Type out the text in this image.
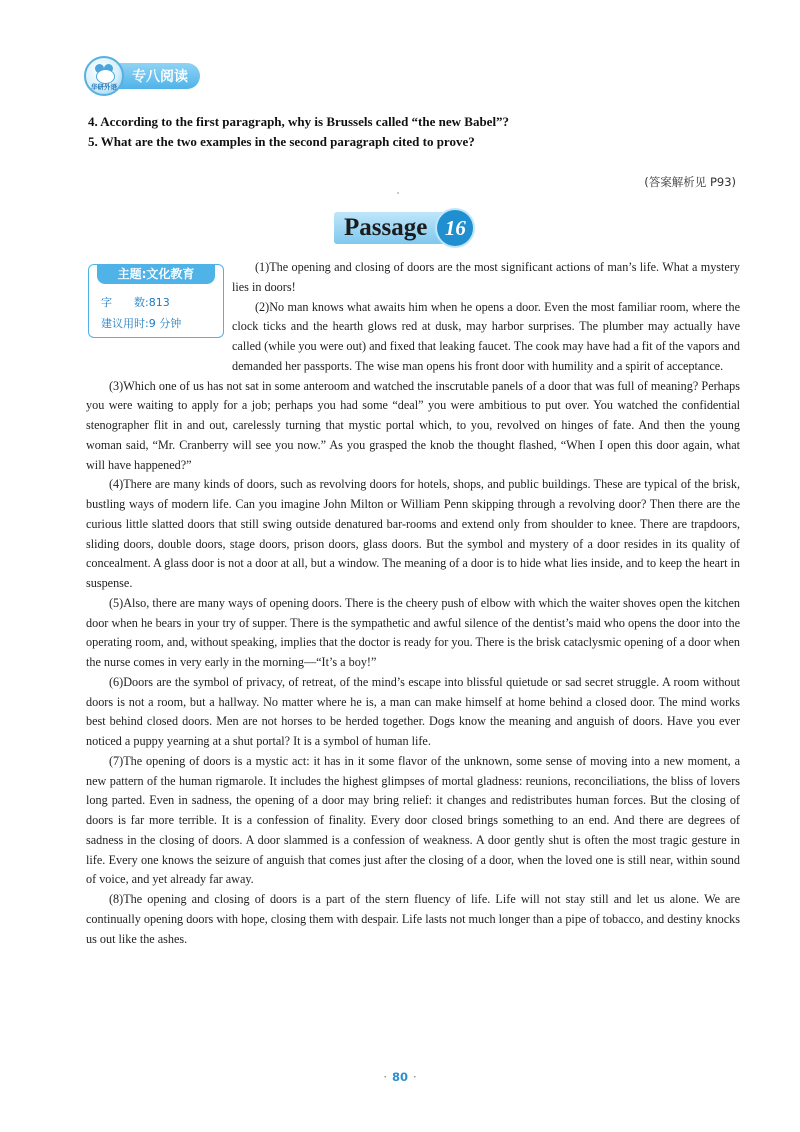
华研外语
专八阅读
4. According to the first paragraph, why is Brussels called “the new Babel”?
5. What are the two examples in the second paragraph cited to prove?
(答案解析见 P93)
Passage 16
主题:文化教育
字　　数:813
建议用时:9 分钟

(1)The opening and closing of doors are the most significant actions of man’s life. What a mystery lies in doors!

(2)No man knows what awaits him when he opens a door. Even the most familiar room, where the clock ticks and the hearth glows red at dusk, may harbor surprises. The plumber may actually have called (while you were out) and fixed that leaking faucet. The cook may have had a fit of the vapors and demanded her passports. The wise man opens his front door with humility and a spirit of acceptance.

(3)Which one of us has not sat in some anteroom and watched the inscrutable panels of a door that was full of meaning? Perhaps you were waiting to apply for a job; perhaps you had some “deal” you were ambitious to put over. You watched the confidential stenographer flit in and out, carelessly turning that mystic portal which, to you, revolved on hinges of fate. And then the young woman said, “Mr. Cranberry will see you now.” As you grasped the knob the thought flashed, “When I open this door again, what will have happened?”

(4)There are many kinds of doors, such as revolving doors for hotels, shops, and public buildings. These are typical of the brisk, bustling ways of modern life. Can you imagine John Milton or William Penn skipping through a revolving door? Then there are the curious little slatted doors that still swing outside denatured bar-rooms and extend only from shoulder to knee. There are trapdoors, sliding doors, double doors, stage doors, prison doors, glass doors. But the symbol and mystery of a door resides in its quality of concealment. A glass door is not a door at all, but a window. The meaning of a door is to hide what lies inside, and to keep the heart in suspense.

(5)Also, there are many ways of opening doors. There is the cheery push of elbow with which the waiter shoves open the kitchen door when he bears in your try of supper. There is the sympathetic and awful silence of the dentist’s maid who opens the door into the operating room, and, without speaking, implies that the doctor is ready for you. There is the brisk cataclysmic opening of a door when the nurse comes in very early in the morning—“It’s a boy!”

(6)Doors are the symbol of privacy, of retreat, of the mind’s escape into blissful quietude or sad secret struggle. A room without doors is not a room, but a hallway. No matter where he is, a man can make himself at home behind a closed door. The mind works best behind closed doors. Men are not horses to be herded together. Dogs know the meaning and anguish of doors. Have you ever noticed a puppy yearning at a shut portal? It is a symbol of human life.

(7)The opening of doors is a mystic act: it has in it some flavor of the unknown, some sense of moving into a new moment, a new pattern of the human rigmarole. It includes the highest glimpses of mortal gladness: reunions, reconciliations, the bliss of lovers long parted. Even in sadness, the opening of a door may bring relief: it changes and redistributes human forces. But the closing of doors is far more terrible. It is a confession of finality. Every door closed brings something to an end. And there are degrees of sadness in the closing of doors. A door slammed is a confession of weakness. A door gently shut is often the most tragic gesture in life. Every one knows the seizure of anguish that comes just after the closing of a door, when the loved one is still near, within sound of voice, and yet already far away.

(8)The opening and closing of doors is a part of the stern fluency of life. Life will not stay still and let us alone. We are continually opening doors with hope, closing them with despair. Life lasts not much longer than a pipe of tobacco, and destiny knocks us out like the ashes.

· 80 ·
